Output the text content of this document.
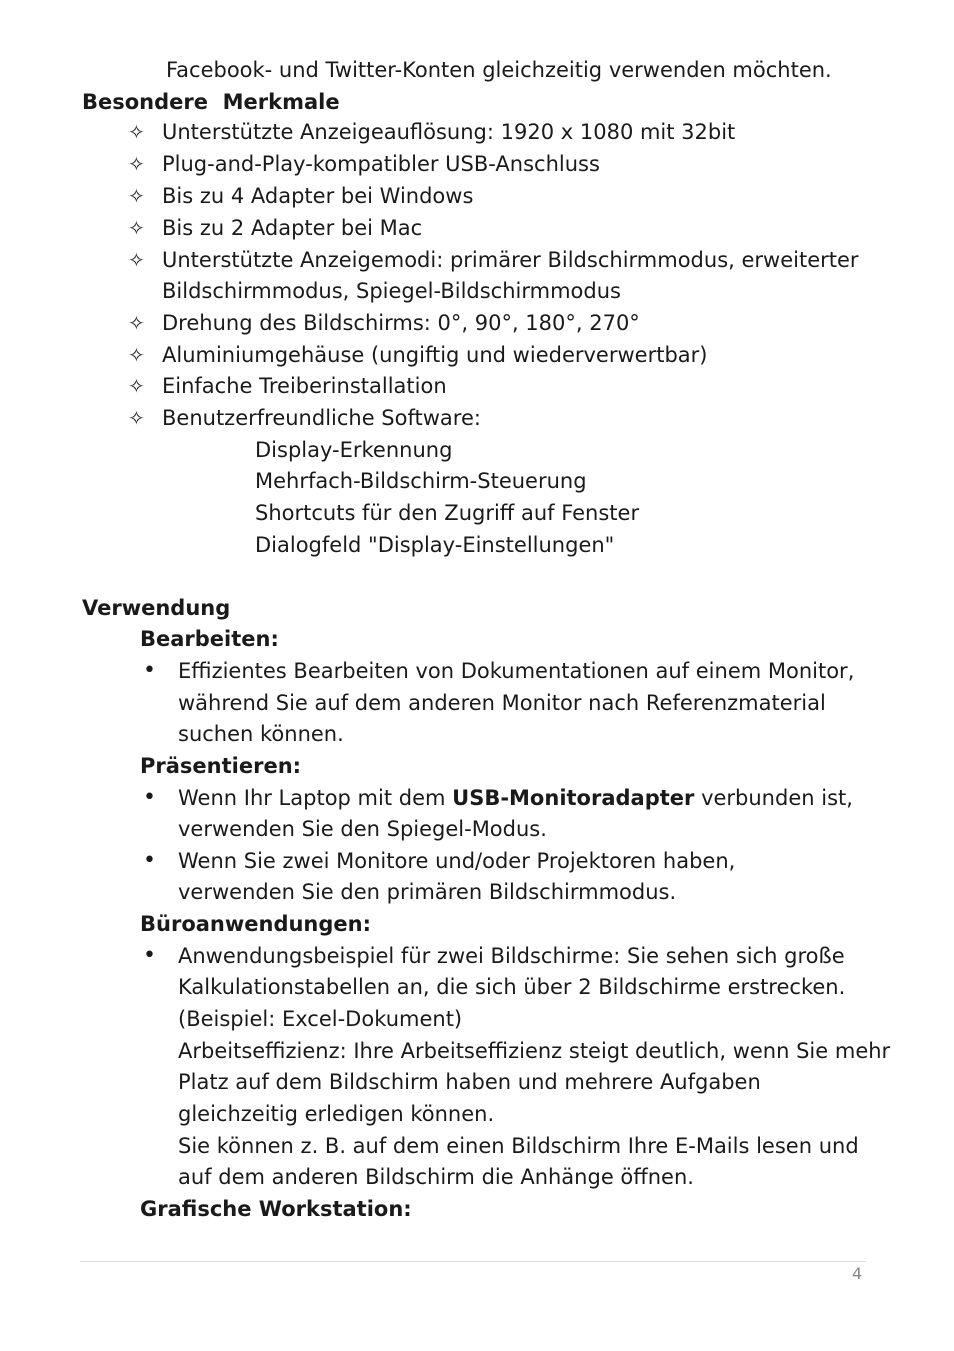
Facebook- und Twitter-Konten gleichzeitig verwenden möchten.
Besondere  Merkmale
✧ Unterstützte Anzeigeauflösung: 1920 x 1080 mit 32bit
✧ Plug-and-Play-kompatibler USB-Anschluss
✧ Bis zu 4 Adapter bei Windows
✧ Bis zu 2 Adapter bei Mac
✧ Unterstützte Anzeigemodi: primärer Bildschirmmodus, erweiterter
Bildschirmmodus, Spiegel-Bildschirmmodus
✧ Drehung des Bildschirms: 0°, 90°, 180°, 270°
✧ Aluminiumgehäuse (ungiftig und wiederverwertbar)
✧ Einfache Treiberinstallation
✧ Benutzerfreundliche Software:
Display-Erkennung
Mehrfach-Bildschirm-Steuerung
Shortcuts für den Zugriff auf Fenster
Dialogfeld "Display-Einstellungen"
Verwendung
Bearbeiten:
• Effizientes Bearbeiten von Dokumentationen auf einem Monitor,
während Sie auf dem anderen Monitor nach Referenzmaterial
suchen können.
Präsentieren:
• Wenn Ihr Laptop mit dem USB-Monitoradapter verbunden ist,
verwenden Sie den Spiegel-Modus.
• Wenn Sie zwei Monitore und/oder Projektoren haben,
verwenden Sie den primären Bildschirmmodus.
Büroanwendungen:
• Anwendungsbeispiel für zwei Bildschirme: Sie sehen sich große
Kalkulationstabellen an, die sich über 2 Bildschirme erstrecken.
(Beispiel: Excel-Dokument)
Arbeitseffizienz: Ihre Arbeitseffizienz steigt deutlich, wenn Sie mehr
Platz auf dem Bildschirm haben und mehrere Aufgaben
gleichzeitig erledigen können.
Sie können z. B. auf dem einen Bildschirm Ihre E-Mails lesen und
auf dem anderen Bildschirm die Anhänge öffnen.
Grafische Workstation:
4
